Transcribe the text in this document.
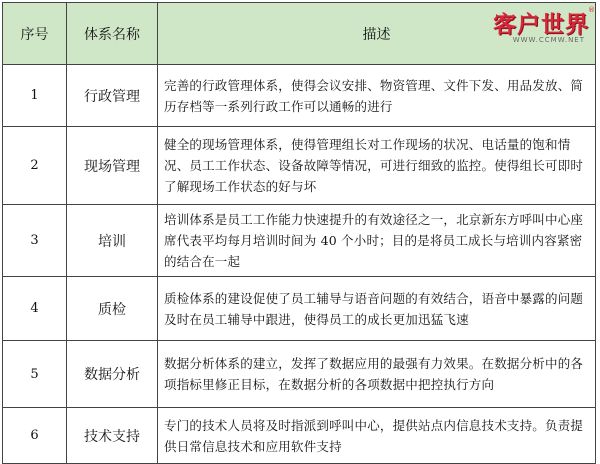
序号	体系名称	描述 客户世界
®
WWW.CCMW.NET

1	行政管理	完善的行政管理体系，使得会议安排、物资管理、文件下发、用品发放、简历存档等一系列行政工作可以通畅的进行
2	现场管理	健全的现场管理体系，使得管理组长对工作现场的状况、电话量的饱和情况、员工工作状态、设备故障等情况，可进行细致的监控。使得组长可即时了解现场工作状态的好与坏
3	培训	培训体系是员工工作能力快速提升的有效途径之一，北京新东方呼叫中心座席代表平均每月培训时间为 40 个小时；目的是将员工成长与培训内容紧密的结合在一起
4	质检	质检体系的建设促使了员工辅导与语音问题的有效结合，语音中暴露的问题及时在员工辅导中跟进，使得员工的成长更加迅猛飞速
5	数据分析	数据分析体系的建立，发挥了数据应用的最强有力效果。在数据分析中的各项指标里修正目标，在数据分析的各项数据中把控执行方向
6	技术支持	专门的技术人员将及时指派到呼叫中心，提供站点内信息技术支持。负责提供日常信息技术和应用软件支持
